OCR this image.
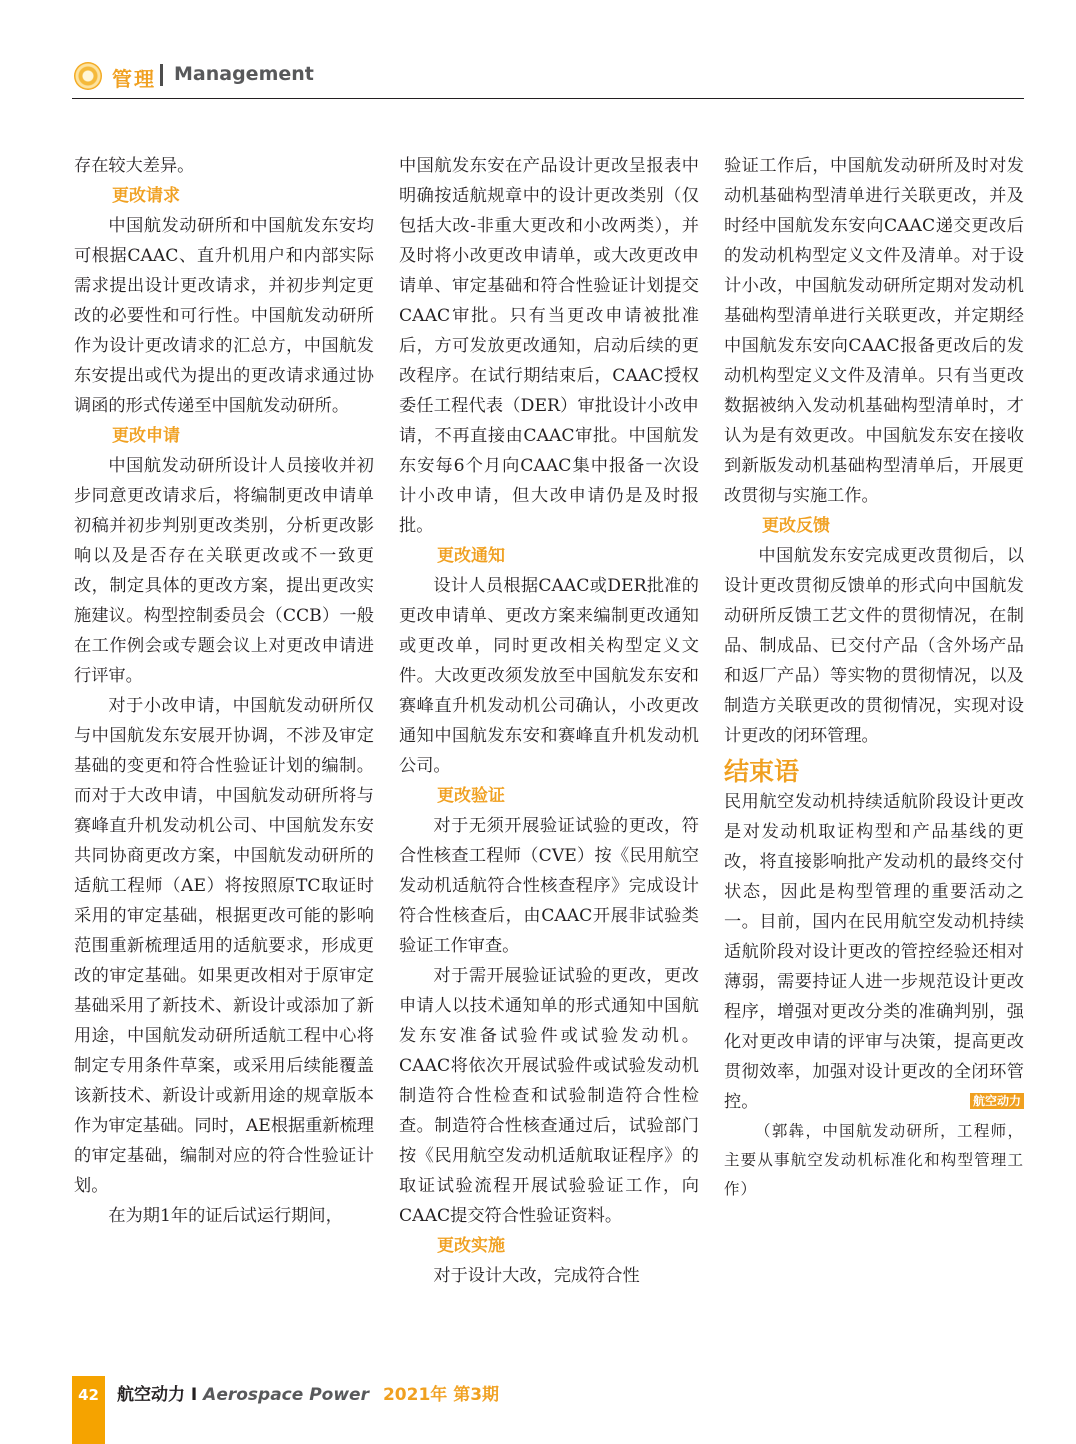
管理 Management

存在较大差异。

更改请求

中国航发动研所和中国航发东安均可根据CAAC、直升机用户和内部实际需求提出设计更改请求，并初步判定更改的必要性和可行性。中国航发动研所作为设计更改请求的汇总方，中国航发东安提出或代为提出的更改请求通过协调函的形式传递至中国航发动研所。

更改申请

中国航发动研所设计人员接收并初步同意更改请求后，将编制更改申请单初稿并初步判别更改类别，分析更改影响以及是否存在关联更改或不一致更改，制定具体的更改方案，提出更改实施建议。构型控制委员会（CCB）一般在工作例会或专题会议上对更改申请进行评审。

对于小改申请，中国航发动研所仅与中国航发东安展开协调，不涉及审定基础的变更和符合性验证计划的编制。而对于大改申请，中国航发动研所将与赛峰直升机发动机公司、中国航发东安共同协商更改方案，中国航发动研所的适航工程师（AE）将按照原TC取证时采用的审定基础，根据更改可能的影响范围重新梳理适用的适航要求，形成更改的审定基础。如果更改相对于原审定基础采用了新技术、新设计或添加了新用途，中国航发动研所适航工程中心将制定专用条件草案，或采用后续能覆盖该新技术、新设计或新用途的规章版本作为审定基础。同时，AE根据重新梳理的审定基础，编制对应的符合性验证计划。

在为期1年的证后试运行期间，

中国航发东安在产品设计更改呈报表中明确按适航规章中的设计更改类别（仅包括大改-非重大更改和小改两类），并及时将小改更改申请单，或大改更改申请单、审定基础和符合性验证计划提交CAAC审批。只有当更改申请被批准后，方可发放更改通知，启动后续的更改程序。在试行期结束后，CAAC授权委任工程代表（DER）审批设计小改申请，不再直接由CAAC审批。中国航发东安每6个月向CAAC集中报备一次设计小改申请，但大改申请仍是及时报批。

更改通知

设计人员根据CAAC或DER批准的更改申请单、更改方案来编制更改通知或更改单，同时更改相关构型定义文件。大改更改须发放至中国航发东安和赛峰直升机发动机公司确认，小改更改通知中国航发东安和赛峰直升机发动机公司。

更改验证

对于无须开展验证试验的更改，符合性核查工程师（CVE）按《民用航空发动机适航符合性核查程序》完成设计符合性核查后，由CAAC开展非试验类验证工作审查。

对于需开展验证试验的更改，更改申请人以技术通知单的形式通知中国航发东安准备试验件或试验发动机。CAAC将依次开展试验件或试验发动机制造符合性检查和试验制造符合性检查。制造符合性核查通过后，试验部门按《民用航空发动机适航取证程序》的取证试验流程开展试验验证工作，向CAAC提交符合性验证资料。

更改实施

对于设计大改，完成符合性

验证工作后，中国航发动研所及时对发动机基础构型清单进行关联更改，并及时经中国航发东安向CAAC递交更改后的发动机构型定义文件及清单。对于设计小改，中国航发动研所定期对发动机基础构型清单进行关联更改，并定期经中国航发东安向CAAC报备更改后的发动机构型定义文件及清单。只有当更改数据被纳入发动机基础构型清单时，才认为是有效更改。中国航发东安在接收到新版发动机基础构型清单后，开展更改贯彻与实施工作。

更改反馈

中国航发东安完成更改贯彻后，以设计更改贯彻反馈单的形式向中国航发动研所反馈工艺文件的贯彻情况，在制品、制成品、已交付产品（含外场产品和返厂产品）等实物的贯彻情况，以及制造方关联更改的贯彻情况，实现对设计更改的闭环管理。

结束语

民用航空发动机持续适航阶段设计更改是对发动机取证构型和产品基线的更改，将直接影响批产发动机的最终交付状态，因此是构型管理的重要活动之一。目前，国内在民用航空发动机持续适航阶段对设计更改的管控经验还相对薄弱，需要持证人进一步规范设计更改程序，增强对更改分类的准确判别，强化对更改申请的评审与决策，提高更改贯彻效率，加强对设计更改的全闭环管控。	航空动力

（郭犇，中国航发动研所，工程师，主要从事航空发动机标准化和构型管理工作）

42	航空动力 I Aerospace Power 2021年 第3期
